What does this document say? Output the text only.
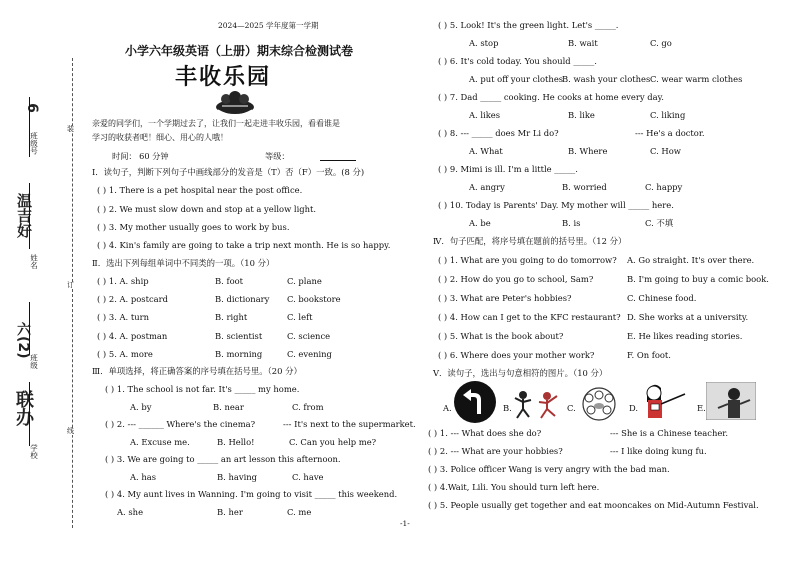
班级号
6
姓名
温吉好
班级
六(2)
学校
联办
装
订
线
2024—2025 学年度第一学期
小学六年级英语（上册）期末综合检测试卷
丰收乐园
亲爱的同学们，一个学期过去了，让我们一起走进丰收乐园，看看谁是
学习的收获者吧！细心、用心的人哦！
时间： 60 分钟	等级：
Ⅰ．读句子，判断下列句子中画线部分的发音是（T）否（F）一致。(8 分)
( ) 1. There is a pet hospital near the post office.
( ) 2. We must slow down and stop at a yellow light.
( ) 3. My mother usually goes to work by bus.
( ) 4. Kin's family are going to take a trip next month. He is so happy.
Ⅱ．选出下列每组单词中不同类的一项。（10 分）
( ) 1. A. ship	B. foot	C. plane
( ) 2. A. postcard	B. dictionary C. bookstore
( ) 3. A. turn	B. right	C. left
( ) 4. A. postman	B. scientist	C. science
( ) 5. A. more	B. morning	C. evening
Ⅲ．单项选择，将正确答案的序号填在括号里。（20 分）
( ) 1. The school is not far. It's _____ my home.
A. by	B. near	C. from
( ) 2. --- ______ Where's the cinema?	--- It's next to the supermarket.
A. Excuse me.	B. Hello!	C. Can you help me?
( ) 3. We are going to _____ an art lesson this afternoon.
A. has	B. having	C. have
( ) 4. My aunt lives in Wanning. I'm going to visit _____ this weekend.
A. she	B. her	C. me
( ) 5. Look! It's the green light. Let's _____.
A. stop	B. wait	C. go
( ) 6. It's cold today. You should _____.
A. put off your clothes
B. wash your clothes C. wear warm clothes
( ) 7. Dad _____ cooking. He cooks at home every day.
A. likes	B. like	C. liking
( ) 8. --- _____ does Mr Li do?	--- He's a doctor.
A. What	B. Where	C. How
( ) 9. Mimi is ill. I'm a little _____.
A. angry	B. worried	C. happy
( ) 10. Today is Parents' Day. My mother will _____ here.
A. be	B. is	C. 不填
Ⅳ．句子匹配，将序号填在题前的括号里。（12 分）
( ) 1. What are you going to do tomorrow? A. Go straight. It's over there.
( ) 2. How do you go to school, Sam?	B. I'm going to buy a comic book.
( ) 3. What are Peter's hobbies?	C. Chinese food.
( ) 4. How can I get to the KFC restaurant? D. She works at a university.
( ) 5. What is the book about?	E. He likes reading stories.
( ) 6. Where does your mother work?	F. On foot.
Ⅴ．读句子，选出与句意相符的图片。（10 分）
A.	B.	C.	D.	E.
( ) 1. --- What does she do?	--- She is a Chinese teacher.
( ) 2. --- What are your hobbies?	--- I like doing kung fu.
( ) 3. Police officer Wang is very angry with the bad man.
( ) 4.Wait, Lili. You should turn left here.
( ) 5. People usually get together and eat mooncakes on Mid-Autumn Festival.
-1-
